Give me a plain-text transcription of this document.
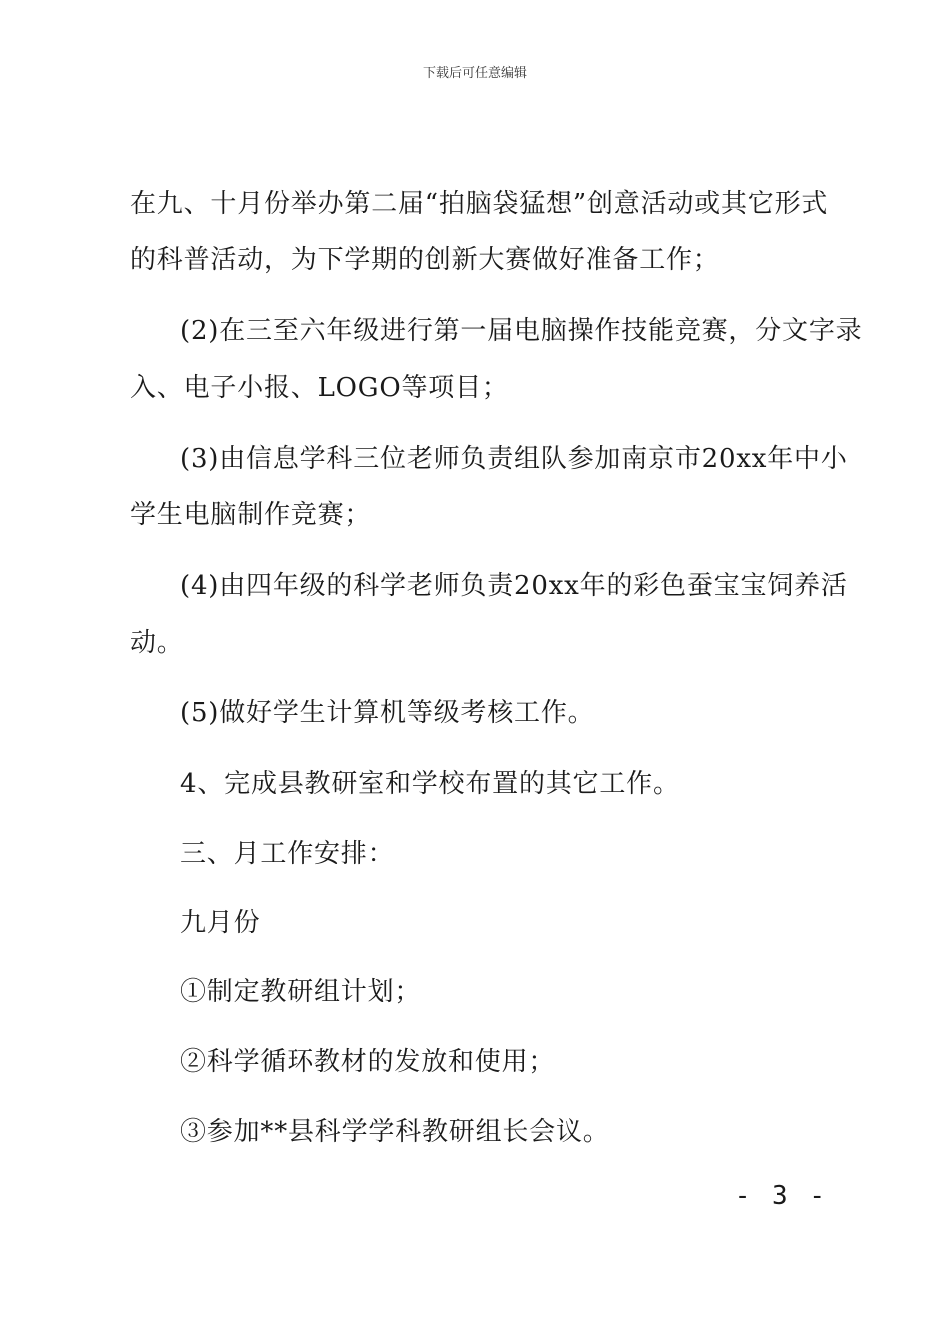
下载后可任意编辑
在九、十月份举办第二届“拍脑袋猛想”创意活动或其它形式
的科普活动，为下学期的创新大赛做好准备工作；
(2)在三至六年级进行第一届电脑操作技能竞赛，分文字录
入、电子小报、LOGO等项目；
(3)由信息学科三位老师负责组队参加南京市20xx年中小
学生电脑制作竞赛；
(4)由四年级的科学老师负责20xx年的彩色蚕宝宝饲养活
动。
(5)做好学生计算机等级考核工作。
4、完成县教研室和学校布置的其它工作。
三、月工作安排：
九月份
①制定教研组计划；
②科学循环教材的发放和使用；
③参加**县科学学科教研组长会议。
- 3 -
